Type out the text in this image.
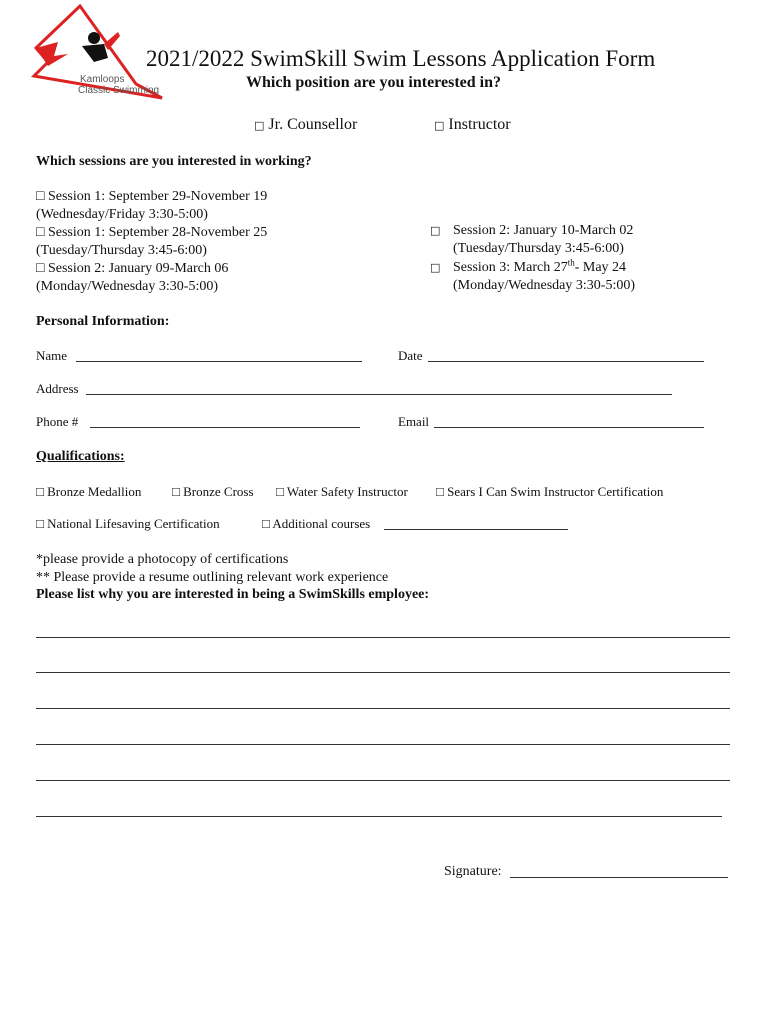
Kamloops
Classic Swimming
2021/2022 SwimSkill Swim Lessons Application Form
Which position are you interested in?
□ Jr. Counsellor	□ Instructor
Which sessions are you interested in working?
□ Session 1: September 29-November 19
(Wednesday/Friday 3:30-5:00)
□ Session 1: September 28-November 25
(Tuesday/Thursday 3:45-6:00)
□ Session 2: January 09-March 06
(Monday/Wednesday 3:30-5:00)
□ Session 2: January 10-March 02
(Tuesday/Thursday 3:45-6:00)
□ Session 3: March 27th- May 24
(Monday/Wednesday 3:30-5:00)
Personal Information:
Name	Date
Address
Phone #	Email
Qualifications:
□ Bronze Medallion □ Bronze Cross □ Water Safety Instructor □ Sears I Can Swim Instructor Certification
□ National Lifesaving Certification	□ Additional courses
*please provide a photocopy of certifications
** Please provide a resume outlining relevant work experience
Please list why you are interested in being a SwimSkills employee:
Signature:
